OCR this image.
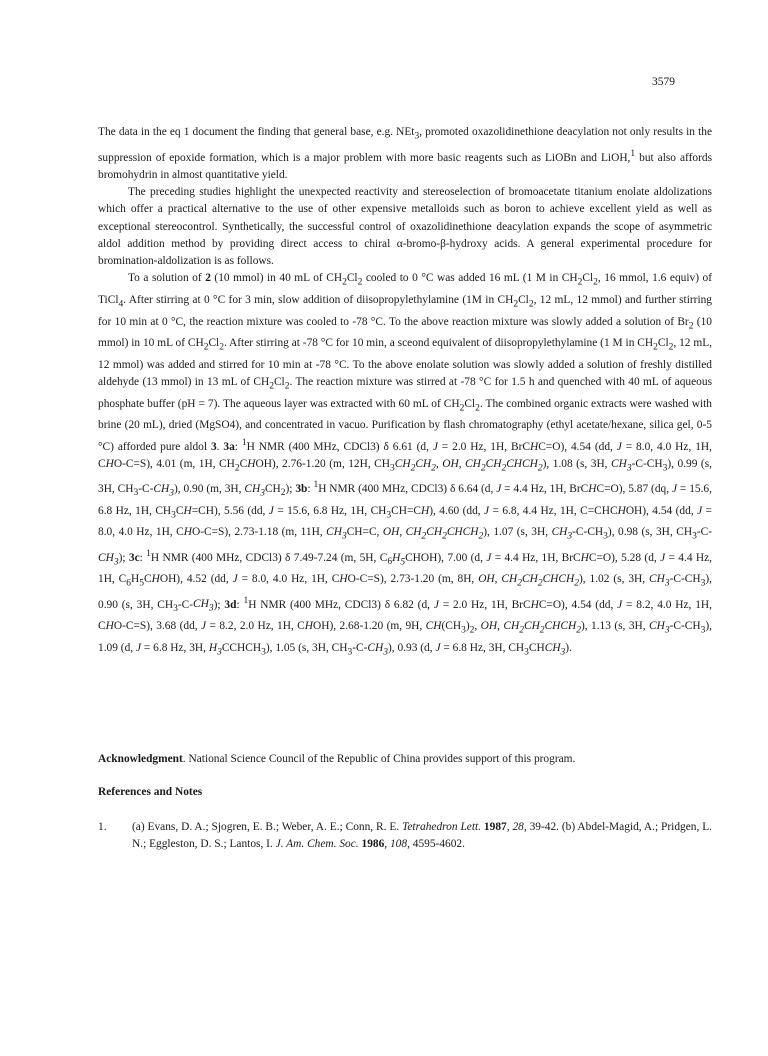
3579

The data in the eq 1 document the finding that general base, e.g. NEt$_3$, promoted oxazolidinethione deacylation not only results in the suppression of epoxide formation, which is a major problem with more basic reagents such as LiOBn and LiOH,$^1$ but also affords bromohydrin in almost quantitative yield.

The preceding studies highlight the unexpected reactivity and stereoselection of bromoacetate titanium enolate aldolizations which offer a practical alternative to the use of other expensive metalloids such as boron to achieve excellent yield as well as exceptional stereocontrol. Synthetically, the successful control of oxazolidinethione deacylation expands the scope of asymmetric aldol addition method by providing direct access to chiral α-bromo-β-hydroxy acids. A general experimental procedure for bromination-aldolization is as follows.

To a solution of 2 (10 mmol) in 40 mL of $CH_2Cl_2$ cooled to 0 °C was added 16 mL (1 M in $CH_2Cl_2$, 16 mmol, 1.6 equiv) of TiCl$_4$. After stirring at 0 °C for 3 min, slow addition of diisopropylethylamine (1M in $CH_2Cl_2$, 12 mL, 12 mmol) and further stirring for 10 min at 0 °C, the reaction mixture was cooled to -78 °C. To the above reaction mixture was slowly added a solution of $Br_2$ (10 mmol) in 10 mL of $CH_2Cl_2$. After stirring at -78 °C for 10 min, a sceond equivalent of diisopropylethylamine (1 M in $CH_2Cl_2$, 12 mL, 12 mmol) was added and stirred for 10 min at -78 °C. To the above enolate solution was slowly added a solution of freshly distilled aldehyde (13 mmol) in 13 mL of $CH_2Cl_2$. The reaction mixture was stirred at -78 °C for 1.5 h and quenched with 40 mL of aqueous phosphate buffer (pH = 7). The aqueous layer was extracted with 60 mL of $CH_2Cl_2$. The combined organic extracts were washed with brine (20 mL), dried (MgSO4), and concentrated in vacuo. Purification by flash chromatography (ethyl acetate/hexane, silica gel, 0-5 °C) afforded pure aldol 3. 3a: $^1$H NMR (400 MHz, CDCl3) δ 6.61 (d, J = 2.0 Hz, 1H, BrCHC=O), 4.54 (dd, J = 8.0, 4.0 Hz, 1H, CHO-C=S), 4.01 (m, 1H, $CH_2CHOH$), 2.76-1.20 (m, 12H, $CH_3CH_2CH_2$, OH, $CH_2CH_2CHCH_2$), 1.08 (s, 3H, $CH_3-C-CH_3$), 0.99 (s, 3H, $CH_3-C-CH_3$), 0.90 (m, 3H, $CH_3CH_2$); 3b: $^1$H NMR (400 MHz, CDCl3) δ 6.64 (d, J = 4.4 Hz, 1H, BrCHC=O), 5.87 (dq, J = 15.6, 6.8 Hz, 1H, $CH_3CH=CH$), 5.56 (dd, J = 15.6, 6.8 Hz, 1H, $CH_3CH=CH$), 4.60 (dd, J = 6.8, 4.4 Hz, 1H, C=CHCHOH), 4.54 (dd, J = 8.0, 4.0 Hz, 1H, CHO-C=S), 2.73-1.18 (m, 11H, $CH_3CH=C$, OH, $CH_2CH_2CHCH_2$), 1.07 (s, 3H, $CH_3-C-CH_3$), 0.98 (s, 3H, $CH_3-C-CH_3$); 3c: $^1$H NMR (400 MHz, CDCl3) δ 7.49-7.24 (m, 5H, $C_6H_5CHOH$), 7.00 (d, J = 4.4 Hz, 1H, BrCHC=O), 5.28 (d, J = 4.4 Hz, 1H, $C_6H_5CHOH$), 4.52 (dd, J = 8.0, 4.0 Hz, 1H, CHO-C=S), 2.73-1.20 (m, 8H, OH, $CH_2CH_2CHCH_2$), 1.02 (s, 3H, $CH_3-C-CH_3$), 0.90 (s, 3H, $CH_3-C-CH_3$); 3d: $^1$H NMR (400 MHz, CDCl3) δ 6.82 (d, J = 2.0 Hz, 1H, BrCHC=O), 4.54 (dd, J = 8.2, 4.0 Hz, 1H, CHO-C=S), 3.68 (dd, J = 8.2, 2.0 Hz, 1H, CHOH), 2.68-1.20 (m, 9H, $CH(CH_3)_2$, OH, $CH_2CH_2CHCH_2$), 1.13 (s, 3H, $CH_3-C-CH_3$), 1.09 (d, J = 6.8 Hz, 3H, $H_3CCHCH_3$), 1.05 (s, 3H, $CH_3-C-CH_3$), 0.93 (d, J = 6.8 Hz, 3H, $CH_3CHCH_3$).

Acknowledgment. National Science Council of the Republic of China provides support of this program.
References and Notes
1.	(a) Evans, D. A.; Sjogren, E. B.; Weber, A. E.; Conn, R. E. Tetrahedron Lett. 1987, 28, 39-42. (b) Abdel-Magid, A.; Pridgen, L. N.; Eggleston, D. S.; Lantos, I. J. Am. Chem. Soc. 1986, 108, 4595-4602.
